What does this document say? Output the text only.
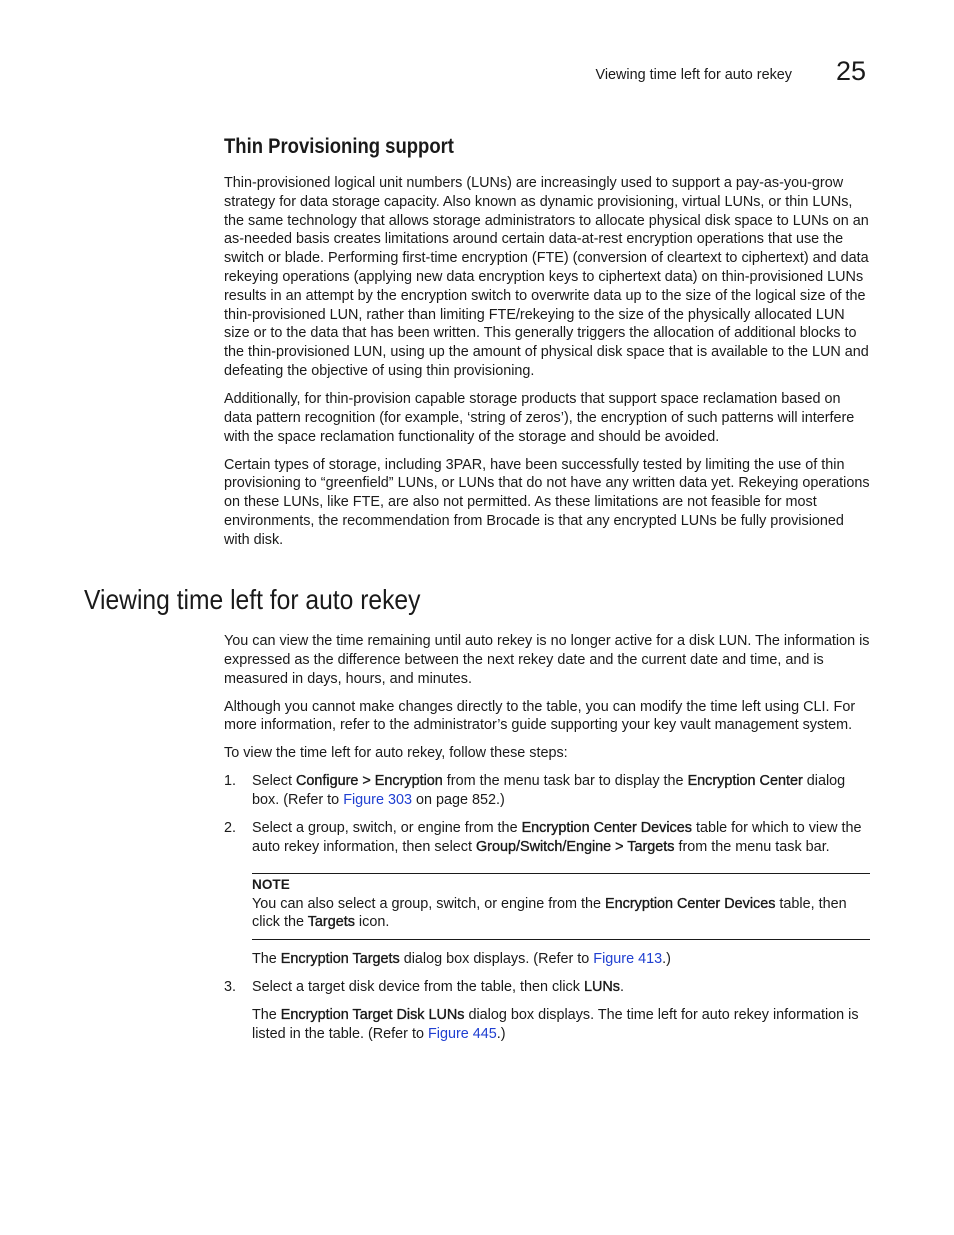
Viewing time left for auto rekey 25
Thin Provisioning support

Thin-provisioned logical unit numbers (LUNs) are increasingly used to support a pay-as-you-grow strategy for data storage capacity. Also known as dynamic provisioning, virtual LUNs, or thin LUNs, the same technology that allows storage administrators to allocate physical disk space to LUNs on an as-needed basis creates limitations around certain data-at-rest encryption operations that use the switch or blade. Performing first-time encryption (FTE) (conversion of cleartext to ciphertext) and data rekeying operations (applying new data encryption keys to ciphertext data) on thin-provisioned LUNs results in an attempt by the encryption switch to overwrite data up to the size of the logical size of the thin-provisioned LUN, rather than limiting FTE/rekeying to the size of the physically allocated LUN size or to the data that has been written. This generally triggers the allocation of additional blocks to the thin-provisioned LUN, using up the amount of physical disk space that is available to the LUN and defeating the objective of using thin provisioning.

Additionally, for thin-provision capable storage products that support space reclamation based on data pattern recognition (for example, ‘string of zeros’), the encryption of such patterns will interfere with the space reclamation functionality of the storage and should be avoided.

Certain types of storage, including 3PAR, have been successfully tested by limiting the use of thin provisioning to “greenfield” LUNs, or LUNs that do not have any written data yet. Rekeying operations on these LUNs, like FTE, are also not permitted. As these limitations are not feasible for most environments, the recommendation from Brocade is that any encrypted LUNs be fully provisioned with disk.

Viewing time left for auto rekey

You can view the time remaining until auto rekey is no longer active for a disk LUN. The information is expressed as the difference between the next rekey date and the current date and time, and is measured in days, hours, and minutes.

Although you cannot make changes directly to the table, you can modify the time left using CLI. For more information, refer to the administrator’s guide supporting your key vault management system.

To view the time left for auto rekey, follow these steps:

1. Select Configure > Encryption from the menu task bar to display the Encryption Center dialog box. (Refer to Figure 303 on page 852.)
2. Select a group, switch, or engine from the Encryption Center Devices table for which to view the auto rekey information, then select Group/Switch/Engine > Targets from the menu task bar.
NOTE
You can also select a group, switch, or engine from the Encryption Center Devices table, then click the Targets icon.
The Encryption Targets dialog box displays. (Refer to Figure 413.)
3. Select a target disk device from the table, then click LUNs.

The Encryption Target Disk LUNs dialog box displays. The time left for auto rekey information is listed in the table. (Refer to Figure 445.)
